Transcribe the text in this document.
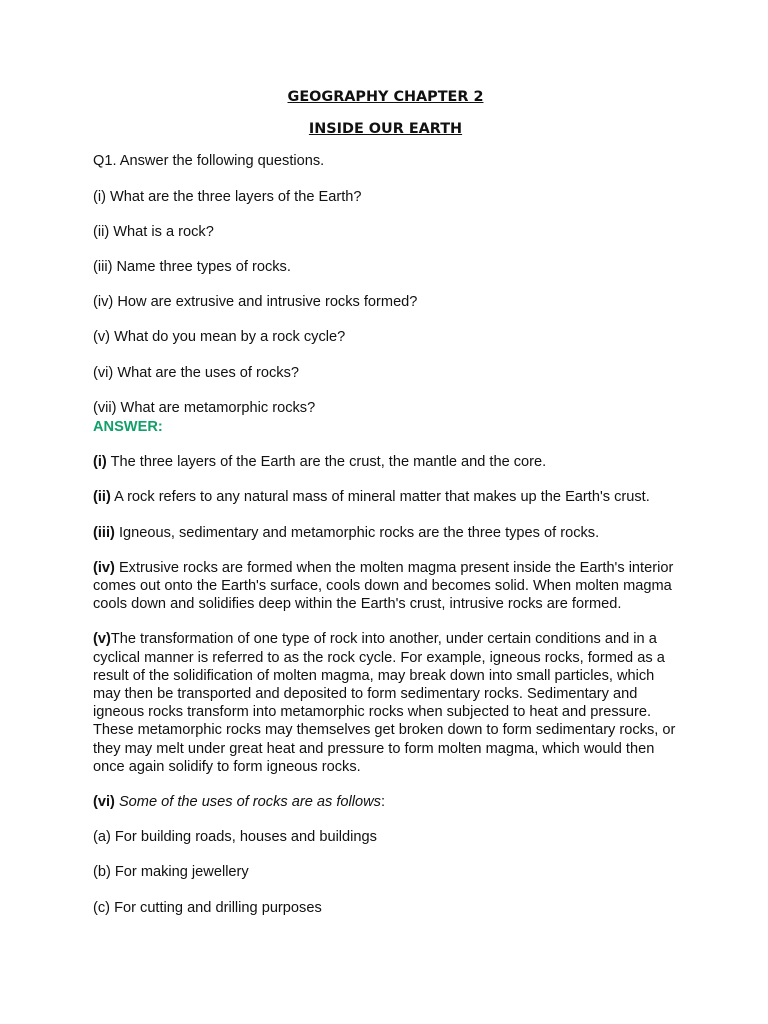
GEOGRAPHY CHAPTER 2
INSIDE OUR EARTH

Q1. Answer the following questions.

(i) What are the three layers of the Earth?

(ii) What is a rock?

(iii) Name three types of rocks.

(iv) How are extrusive and intrusive rocks formed?

(v) What do you mean by a rock cycle?

(vi) What are the uses of rocks?

(vii) What are metamorphic rocks?

ANSWER:

(i) The three layers of the Earth are the crust, the mantle and the core.

(ii) A rock refers to any natural mass of mineral matter that makes up the Earth's crust.

(iii) Igneous, sedimentary and metamorphic rocks are the three types of rocks.

(iv) Extrusive rocks are formed when the molten magma present inside the Earth's interior comes out onto the Earth's surface, cools down and becomes solid. When molten magma cools down and solidifies deep within the Earth's crust, intrusive rocks are formed.

(v)The transformation of one type of rock into another, under certain conditions and in a cyclical manner is referred to as the rock cycle. For example, igneous rocks, formed as a result of the solidification of molten magma, may break down into small particles, which may then be transported and deposited to form sedimentary rocks. Sedimentary and igneous rocks transform into metamorphic rocks when subjected to heat and pressure. These metamorphic rocks may themselves get broken down to form sedimentary rocks, or they may melt under great heat and pressure to form molten magma, which would then once again solidify to form igneous rocks.

(vi) Some of the uses of rocks are as follows:

(a) For building roads, houses and buildings

(b) For making jewellery

(c) For cutting and drilling purposes
